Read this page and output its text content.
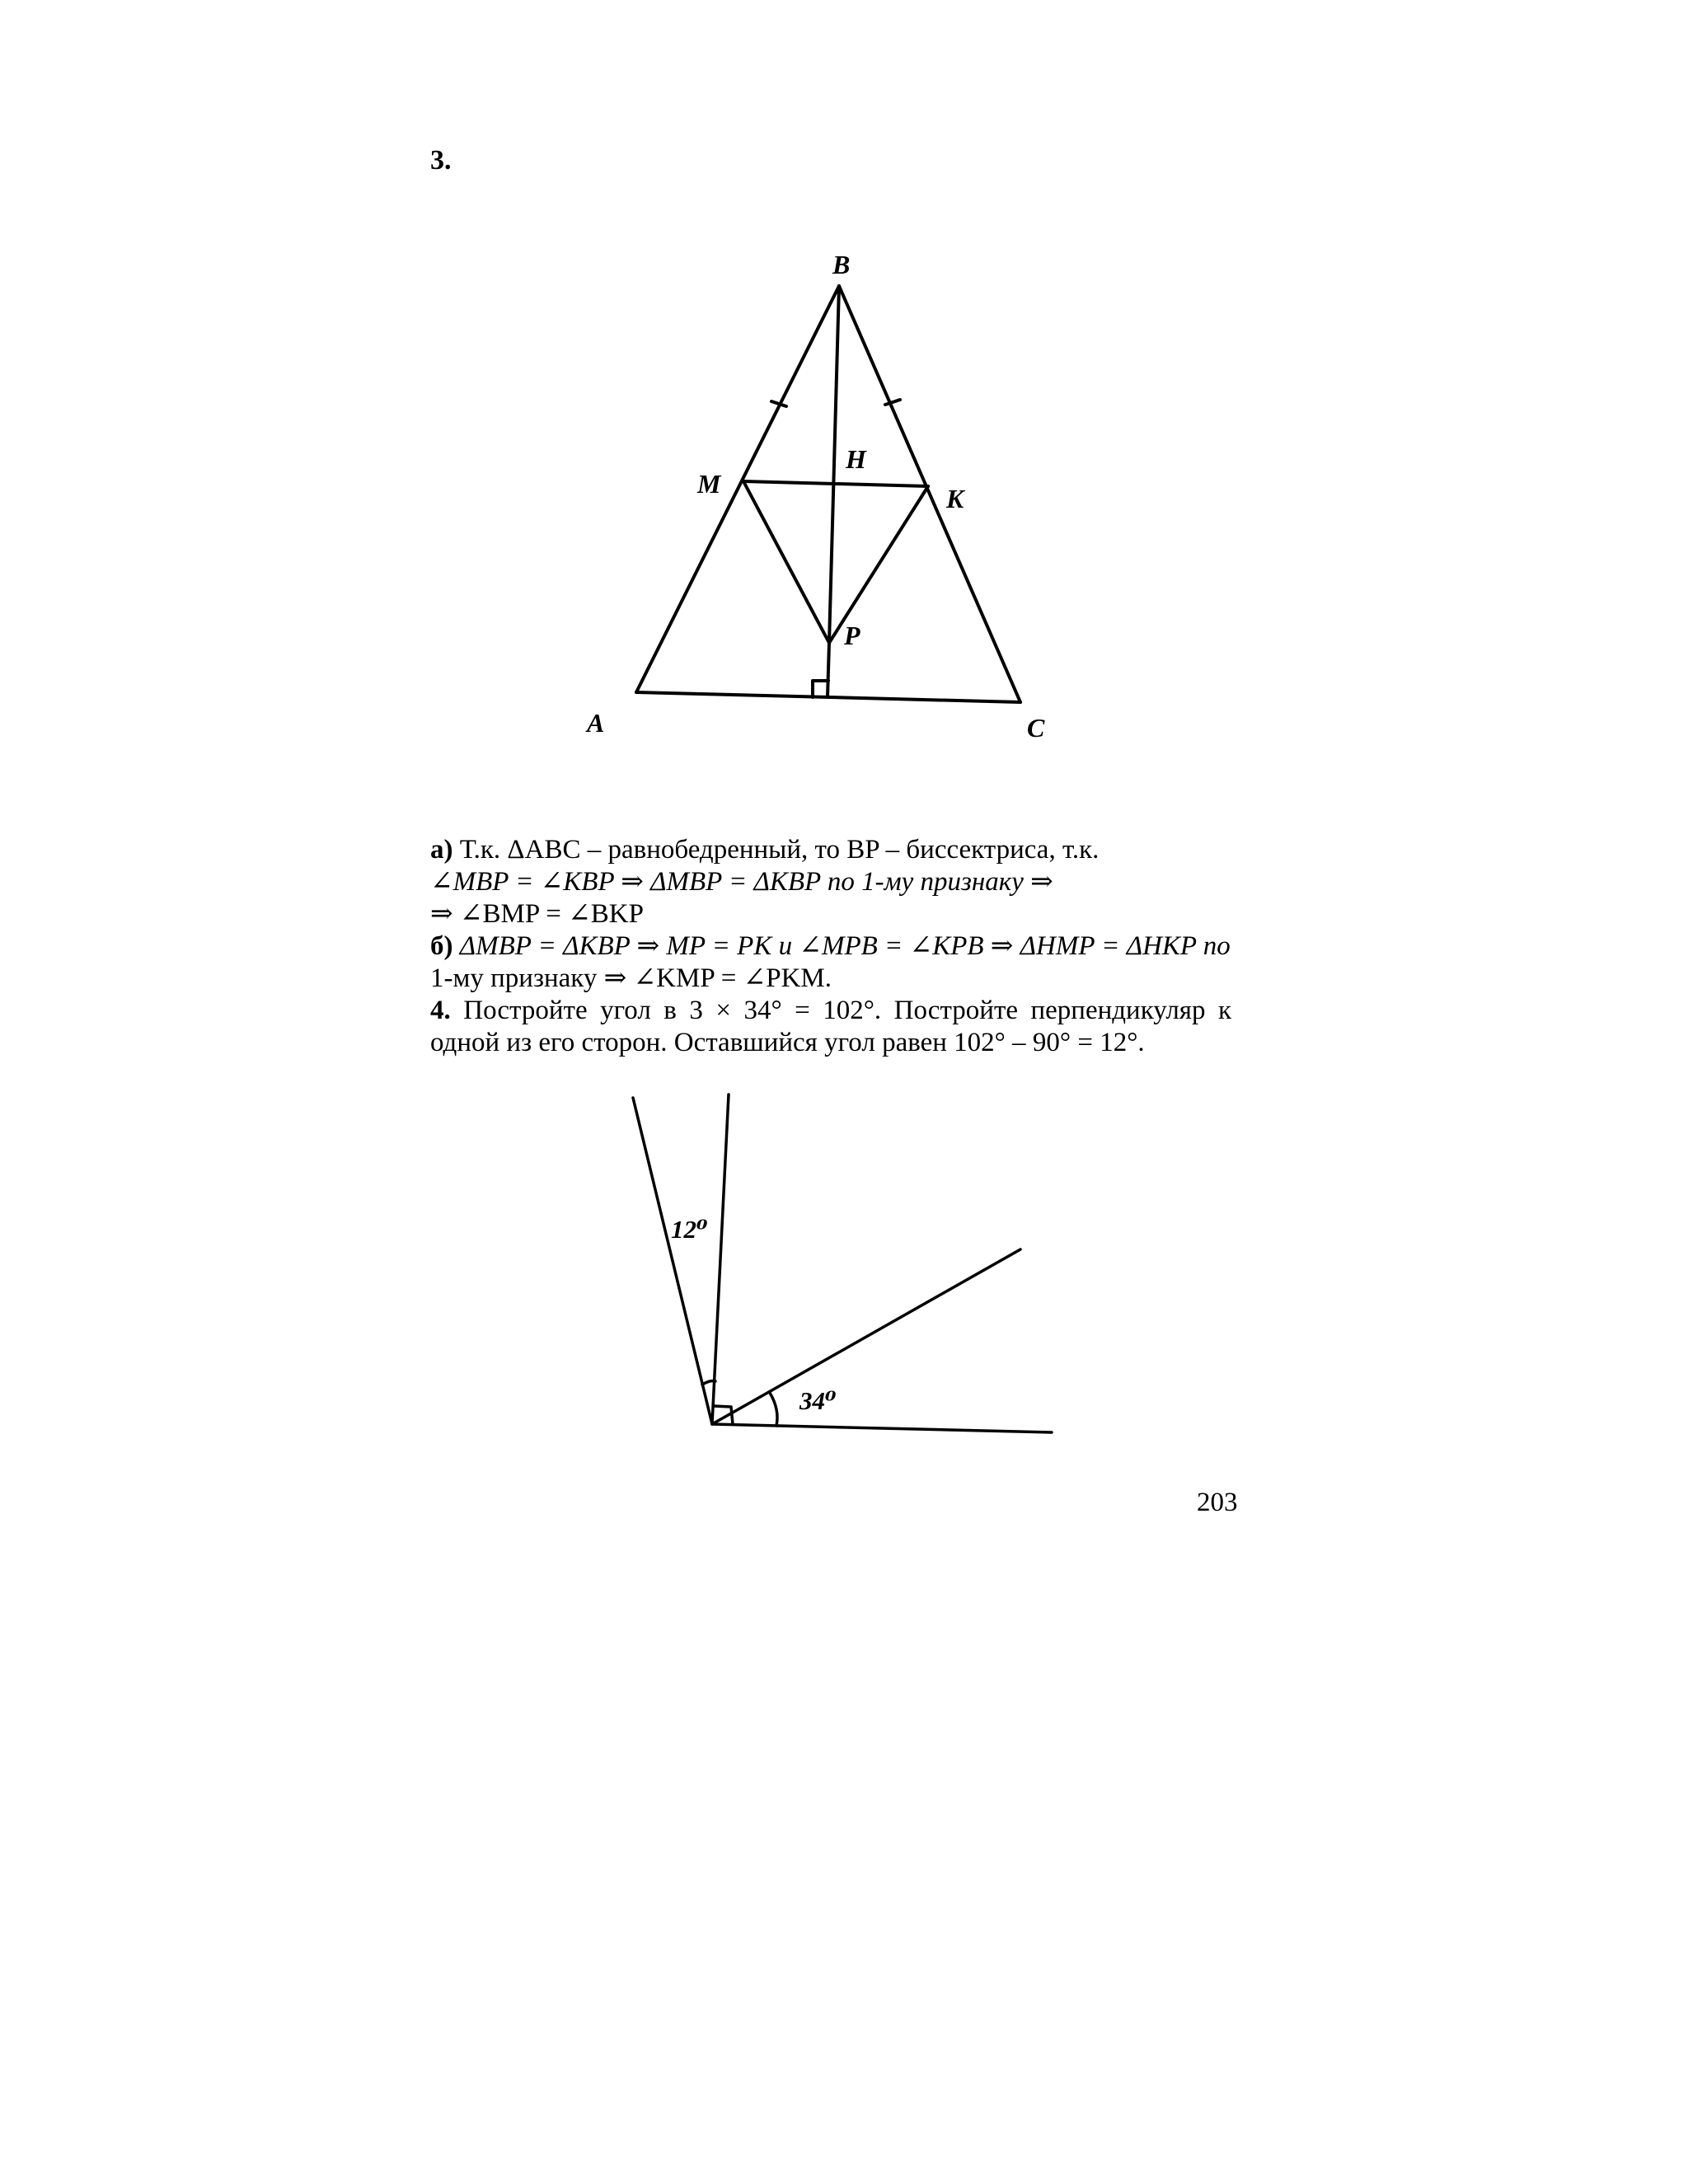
3.
B
H
M	K
P
A	C
а) Т.к. ΔABC – равнобедренный, то BP – биссектриса, т.к.
∠MBP = ∠KBP ⇒ ΔMBP = ΔKBP по 1-му признаку ⇒
⇒ ∠BMP = ∠BKP
б) ΔMBP = ΔKBP ⇒ MP = PK и ∠MPB = ∠KPB ⇒ ΔHMP = ΔHKP по
1-му признаку ⇒ ∠KMP = ∠PKM.
4. Постройте угол в 3 × 34° = 102°. Постройте перпендикуляр к
одной из его сторон. Оставшийся угол равен 102° – 90° = 12°.
12⁰
34⁰
203
